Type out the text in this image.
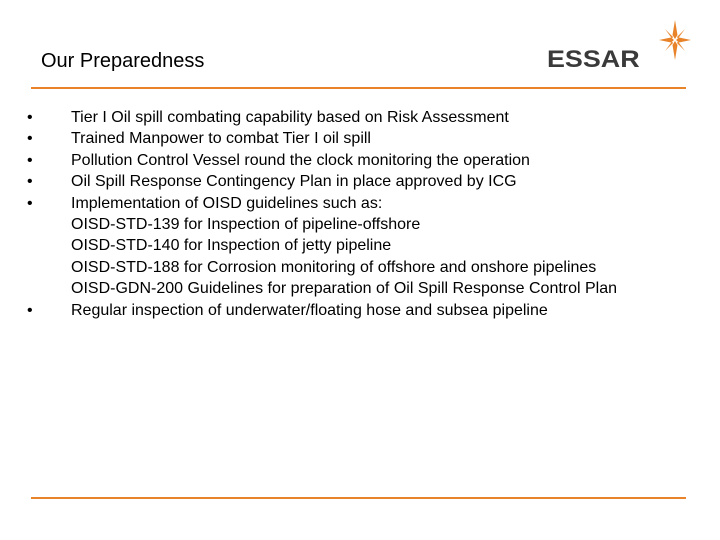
Our Preparedness	ESSAR
•	Tier I Oil spill combating capability based on Risk Assessment
•	Trained Manpower to combat Tier I oil spill
•	Pollution Control Vessel round the clock monitoring the operation
•	Oil Spill Response Contingency Plan in place approved by ICG
•	Implementation of OISD guidelines such as:
OISD-STD-139 for Inspection of pipeline-offshore
OISD-STD-140 for Inspection of jetty pipeline
OISD-STD-188 for Corrosion monitoring of offshore and onshore pipelines
OISD-GDN-200 Guidelines for preparation of Oil Spill Response Control Plan
•	Regular inspection of underwater/floating hose and subsea pipeline
